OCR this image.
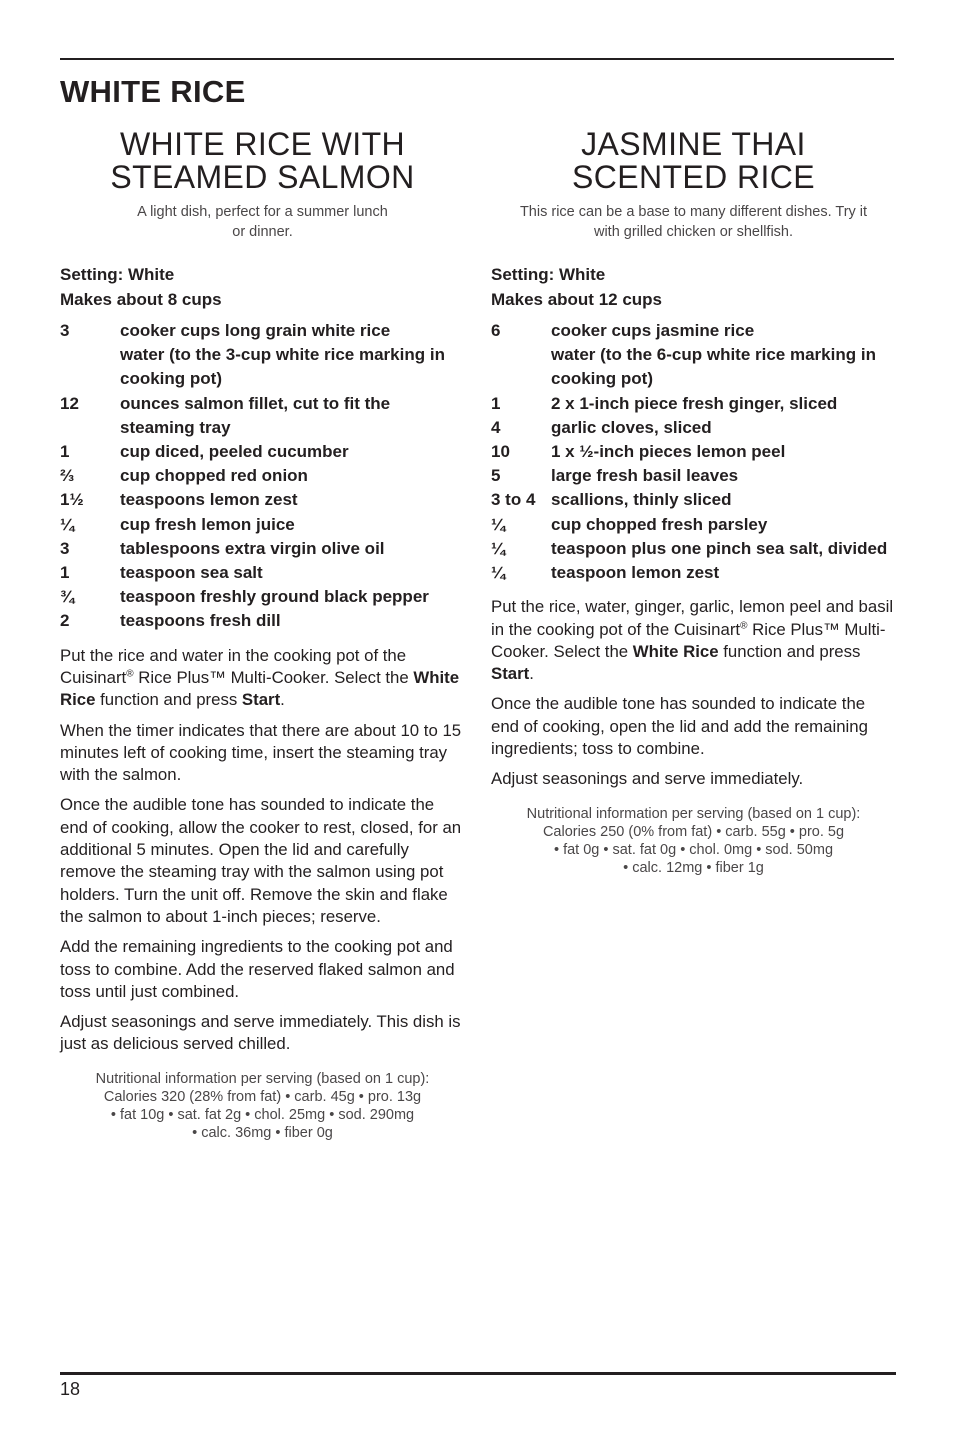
WHITE RICE
WHITE RICE WITH
STEAMED SALMON

A light dish, perfect for a summer lunch
or dinner.

Setting: White
Makes about 8 cups
3	cooker cups long grain white rice
water (to the 3-cup white rice marking in cooking pot)
12	ounces salmon fillet, cut to fit the steaming tray
1	cup diced, peeled cucumber
⅔	cup chopped red onion
1½	teaspoons lemon zest
¼	cup fresh lemon juice
3	tablespoons extra virgin olive oil
1	teaspoon sea salt
¾	teaspoon freshly ground black pepper
2	teaspoons fresh dill

Put the rice and water in the cooking pot of the Cuisinart® Rice Plus™ Multi-Cooker. Select the White Rice function and press Start.

When the timer indicates that there are about 10 to 15 minutes left of cooking time, insert the steaming tray with the salmon.

Once the audible tone has sounded to indicate the end of cooking, allow the cooker to rest, closed, for an additional 5 minutes. Open the lid and carefully remove the steaming tray with the salmon using pot holders. Turn the unit off. Remove the skin and flake the salmon to about 1-inch pieces; reserve.

Add the remaining ingredients to the cooking pot and toss to combine. Add the reserved flaked salmon and toss until just combined.

Adjust seasonings and serve immediately. This dish is just as delicious served chilled.

Nutritional information per serving (based on 1 cup):
Calories 320 (28% from fat) • carb. 45g • pro. 13g
• fat 10g • sat. fat 2g • chol. 25mg • sod. 290mg
• calc. 36mg • fiber 0g

JASMINE THAI
SCENTED RICE

This rice can be a base to many different dishes. Try it
with grilled chicken or shellfish.

Setting: White
Makes about 12 cups
6	cooker cups jasmine rice
water (to the 6-cup white rice marking in cooking pot)
1	2 x 1-inch piece fresh ginger, sliced
4	garlic cloves, sliced
10	1 x ½-inch pieces lemon peel
5	large fresh basil leaves
3 to 4 scallions, thinly sliced
¼	cup chopped fresh parsley
¼	teaspoon plus one pinch sea salt, divided
¼	teaspoon lemon zest

Put the rice, water, ginger, garlic, lemon peel and basil in the cooking pot of the Cuisinart® Rice Plus™ Multi-Cooker. Select the White Rice function and press Start.

Once the audible tone has sounded to indicate the end of cooking, open the lid and add the remaining ingredients; toss to combine.

Adjust seasonings and serve immediately.

Nutritional information per serving (based on 1 cup):
Calories 250 (0% from fat) • carb. 55g • pro. 5g
• fat 0g • sat. fat 0g • chol. 0mg • sod. 50mg
• calc. 12mg • fiber 1g

18
